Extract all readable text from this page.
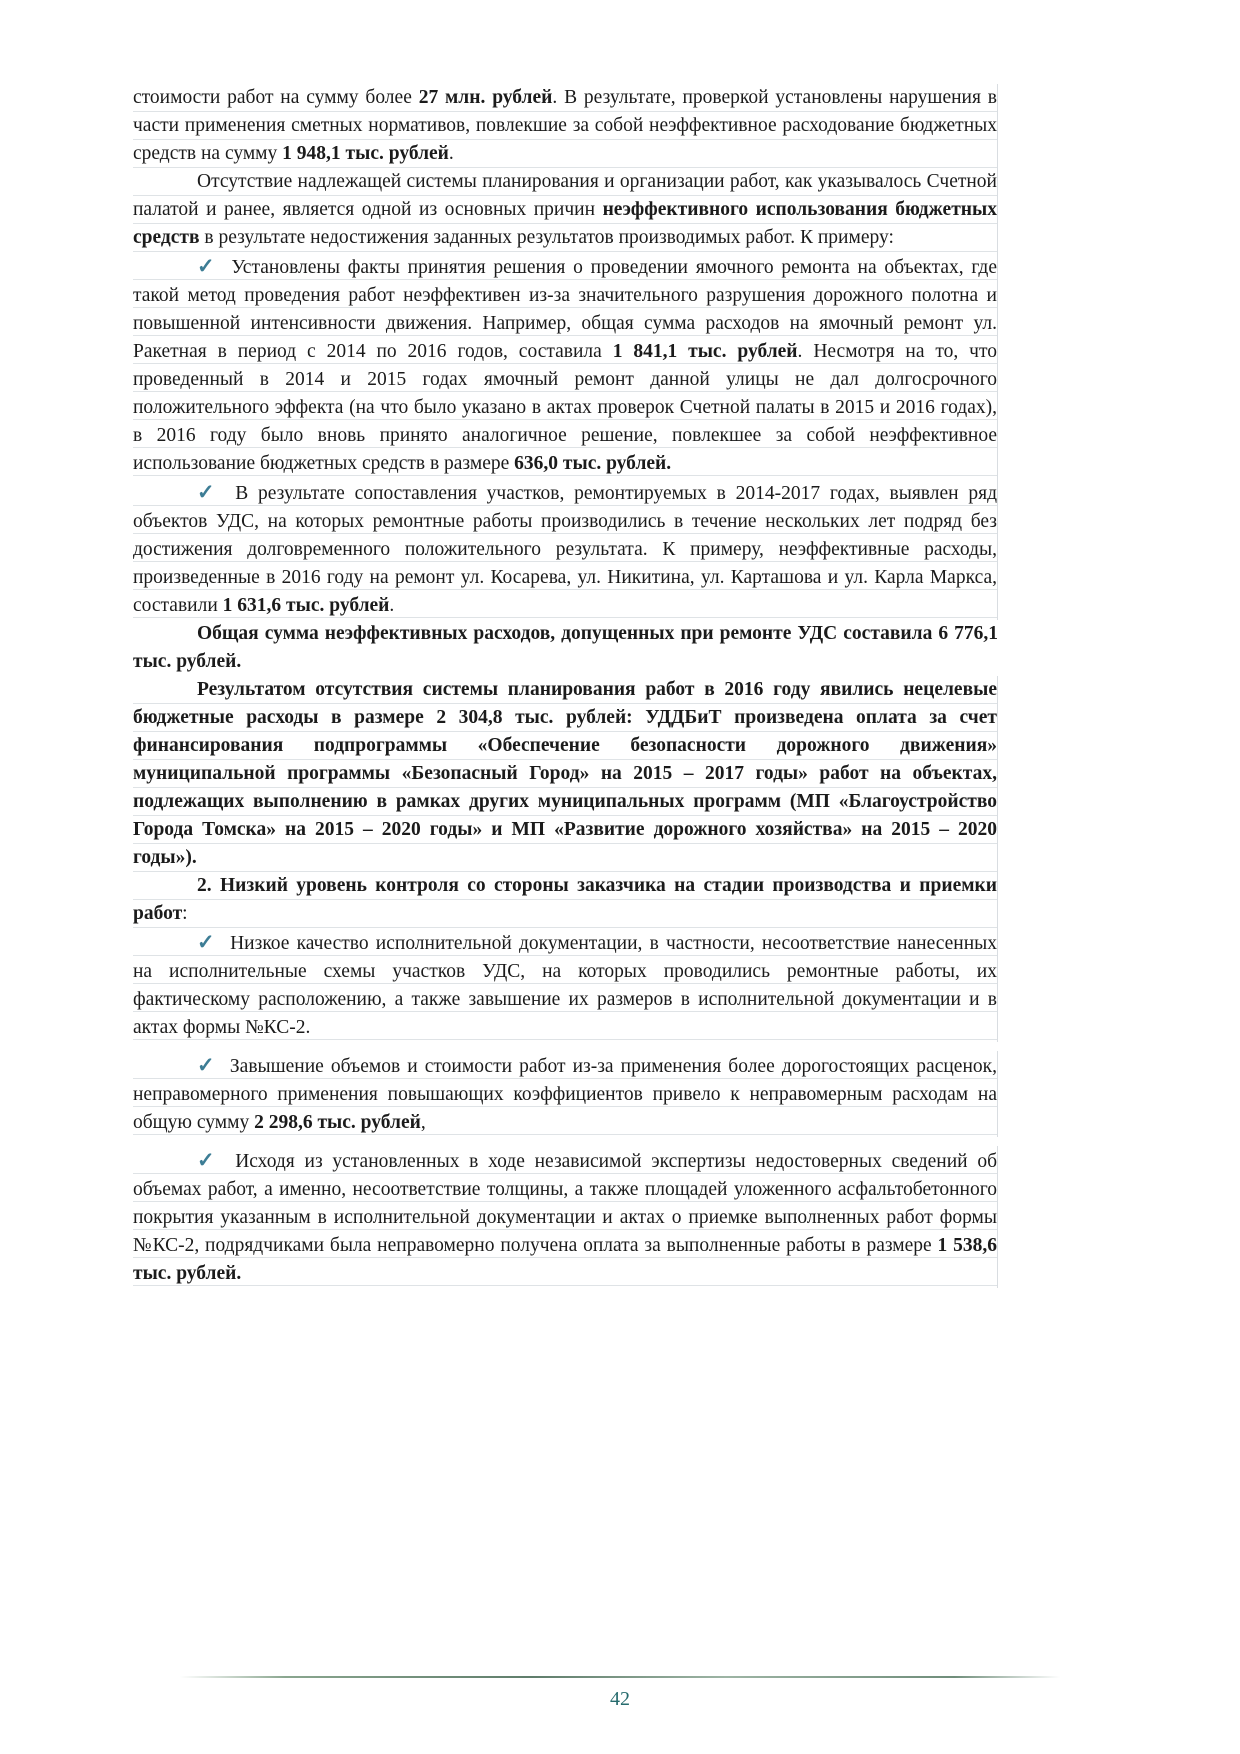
стоимости работ на сумму более 27 млн. рублей. В результате, проверкой установлены нарушения в части применения сметных нормативов, повлекшие за собой неэффективное расходование бюджетных средств на сумму 1 948,1 тыс. рублей.

Отсутствие надлежащей системы планирования и организации работ, как указывалось Счетной палатой и ранее, является одной из основных причин неэффективного использования бюджетных средств в результате недостижения заданных результатов производимых работ. К примеру:

✓ Установлены факты принятия решения о проведении ямочного ремонта на объектах, где такой метод проведения работ неэффективен из-за значительного разрушения дорожного полотна и повышенной интенсивности движения. Например, общая сумма расходов на ямочный ремонт ул. Ракетная в период с 2014 по 2016 годов, составила 1 841,1 тыс. рублей. Несмотря на то, что проведенный в 2014 и 2015 годах ямочный ремонт данной улицы не дал долгосрочного положительного эффекта (на что было указано в актах проверок Счетной палаты в 2015 и 2016 годах), в 2016 году было вновь принято аналогичное решение, повлекшее за собой неэффективное использование бюджетных средств в размере 636,0 тыс. рублей.

✓ В результате сопоставления участков, ремонтируемых в 2014-2017 годах, выявлен ряд объектов УДС, на которых ремонтные работы производились в течение нескольких лет подряд без достижения долговременного положительного результата. К примеру, неэффективные расходы, произведенные в 2016 году на ремонт ул. Косарева, ул. Никитина, ул. Карташова и ул. Карла Маркса, составили 1 631,6 тыс. рублей.

Общая сумма неэффективных расходов, допущенных при ремонте УДС составила 6 776,1 тыс. рублей.

Результатом отсутствия системы планирования работ в 2016 году явились нецелевые бюджетные расходы в размере 2 304,8 тыс. рублей: УДДБиТ произведена оплата за счет финансирования подпрограммы «Обеспечение безопасности дорожного движения» муниципальной программы «Безопасный Город» на 2015 – 2017 годы» работ на объектах, подлежащих выполнению в рамках других муниципальных программ (МП «Благоустройство Города Томска» на 2015 – 2020 годы» и МП «Развитие дорожного хозяйства» на 2015 – 2020 годы»).

2. Низкий уровень контроля со стороны заказчика на стадии производства и приемки работ:

✓ Низкое качество исполнительной документации, в частности, несоответствие нанесенных на исполнительные схемы участков УДС, на которых проводились ремонтные работы, их фактическому расположению, а также завышение их размеров в исполнительной документации и в актах формы №КС-2.

✓ Завышение объемов и стоимости работ из-за применения более дорогостоящих расценок, неправомерного применения повышающих коэффициентов привело к неправомерным расходам на общую сумму 2 298,6 тыс. рублей,

✓ Исходя из установленных в ходе независимой экспертизы недостоверных сведений об объемах работ, а именно, несоответствие толщины, а также площадей уложенного асфальтобетонного покрытия указанным в исполнительной документации и актах о приемке выполненных работ формы №КС-2, подрядчиками была неправомерно получена оплата за выполненные работы в размере 1 538,6 тыс. рублей.

42
